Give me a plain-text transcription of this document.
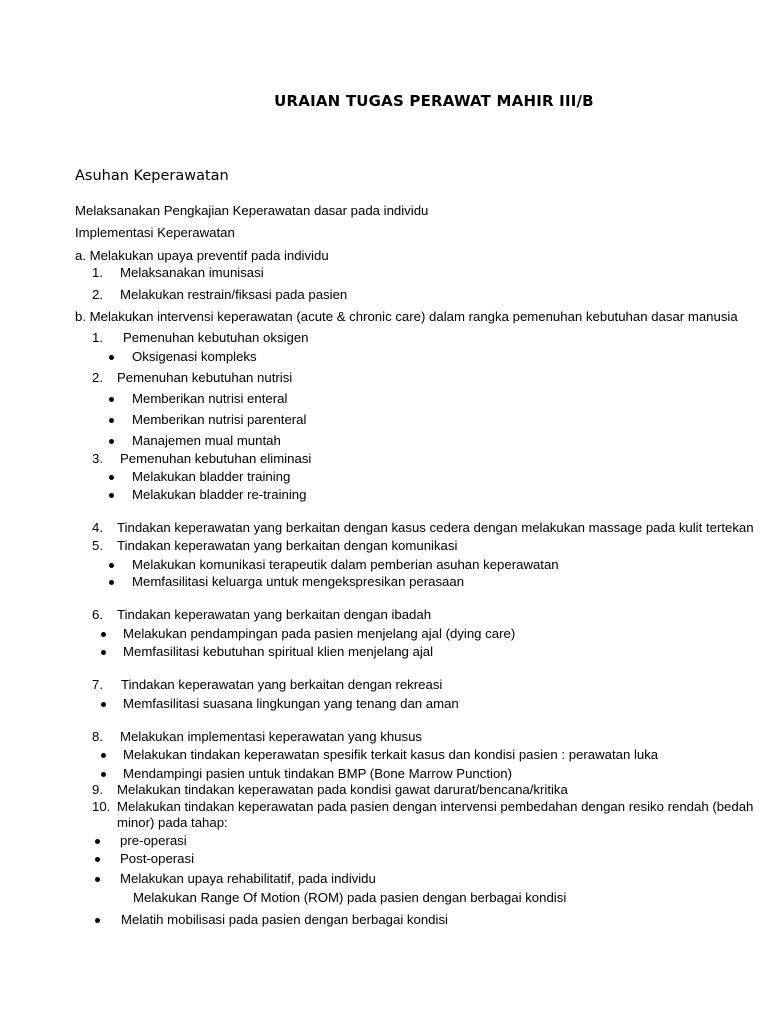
URAIAN TUGAS PERAWAT MAHIR III/B
Asuhan Keperawatan
Melaksanakan Pengkajian Keperawatan dasar pada individu
Implementasi Keperawatan
a. Melakukan upaya preventif pada individu
1. Melaksanakan imunisasi
2. Melakukan restrain/fiksasi pada pasien
b. Melakukan intervensi keperawatan (acute & chronic care) dalam rangka pemenuhan kebutuhan dasar manusia
1. Pemenuhan kebutuhan oksigen
Oksigenasi kompleks
2. Pemenuhan kebutuhan nutrisi
Memberikan nutrisi enteral
Memberikan nutrisi parenteral
Manajemen mual muntah
3. Pemenuhan kebutuhan eliminasi
Melakukan bladder training
Melakukan bladder re-training
4. Tindakan keperawatan yang berkaitan dengan kasus cedera dengan melakukan massage pada kulit tertekan
5. Tindakan keperawatan yang berkaitan dengan komunikasi
Melakukan komunikasi terapeutik dalam pemberian asuhan keperawatan
Memfasilitasi keluarga untuk mengekspresikan perasaan
6. Tindakan keperawatan yang berkaitan dengan ibadah
Melakukan pendampingan pada pasien menjelang ajal (dying care)
Memfasilitasi kebutuhan spiritual klien menjelang ajal
7. Tindakan keperawatan yang berkaitan dengan rekreasi
Memfasilitasi suasana lingkungan yang tenang dan aman
8. Melakukan implementasi keperawatan yang khusus
Melakukan tindakan keperawatan spesifik terkait kasus dan kondisi pasien : perawatan luka
Mendampingi pasien untuk tindakan BMP (Bone Marrow Punction)
9. Melakukan tindakan keperawatan pada kondisi gawat darurat/bencana/kritika
10. Melakukan tindakan keperawatan pada pasien dengan intervensi pembedahan dengan resiko rendah (bedah
minor) pada tahap:
pre-operasi
Post-operasi
Melakukan upaya rehabilitatif, pada individu
Melakukan Range Of Motion (ROM) pada pasien dengan berbagai kondisi
Melatih mobilisasi pada pasien dengan berbagai kondisi
